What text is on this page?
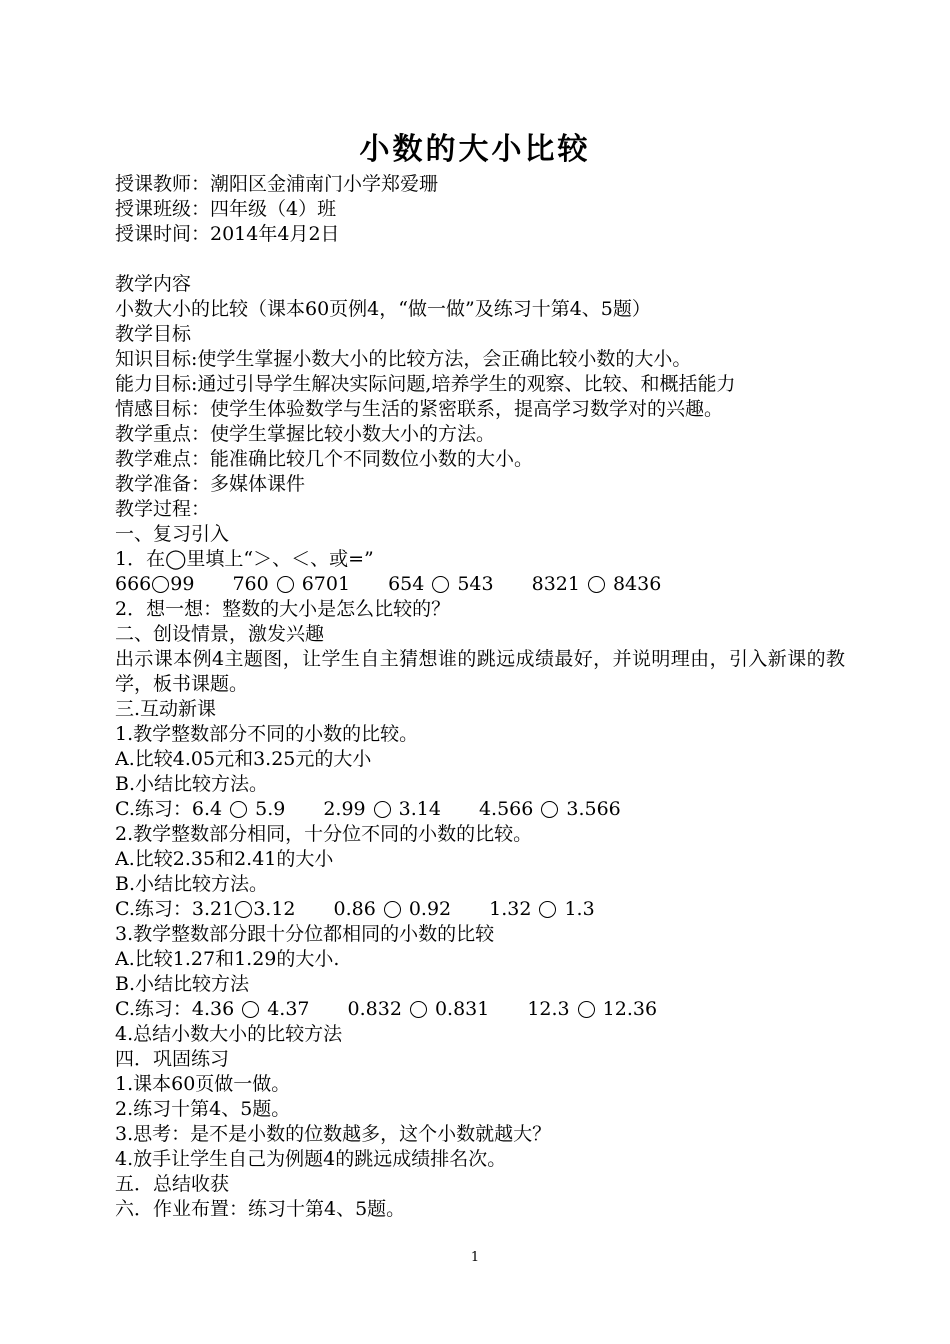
小数的大小比较
授课教师：潮阳区金浦南门小学郑爱珊
授课班级：四年级（4）班
授课时间：2014年4月2日
教学内容
小数大小的比较（课本60页例4，“做一做”及练习十第4、5题）
教学目标
知识目标:使学生掌握小数大小的比较方法，会正确比较小数的大小。
能力目标:通过引导学生解决实际问题,培养学生的观察、比较、和概括能力
情感目标：使学生体验数学与生活的紧密联系，提高学习数学对的兴趣。
教学重点：使学生掌握比较小数大小的方法。
教学难点：能准确比较几个不同数位小数的大小。
教学准备：多媒体课件
教学过程：
一、复习引入
1．在◯里填上“＞、＜、或=”
666 99 760 6701 654 543 8321 8436
2．想一想：整数的大小是怎么比较的？
二、创设情景，激发兴趣
出示课本例4主题图，让学生自主猜想谁的跳远成绩最好，并说明理由，引入新课的教学，板书课题。
三.互动新课
1.教学整数部分不同的小数的比较。
A.比较4.05元和3.25元的大小
B.小结比较方法。
C.练习： 6.4 5.9 2.99 3.14 4.566 3.566
2.教学整数部分相同，十分位不同的小数的比较。
A.比较2.35和2.41的大小
B.小结比较方法。
C.练习： 3.21 3.12 0.86 0.92 1.32 1.3
3.教学整数部分跟十分位都相同的小数的比较
A.比较1.27和1.29的大小.
B.小结比较方法
C.练习： 4.36 4.37 0.832 0.831 12.3 12.36
4.总结小数大小的比较方法
四．巩固练习
1.课本60页做一做。
2.练习十第4、5题。
3.思考：是不是小数的位数越多，这个小数就越大？
4.放手让学生自己为例题4的跳远成绩排名次。
五．总结收获
六．作业布置：练习十第4、5题。
1
